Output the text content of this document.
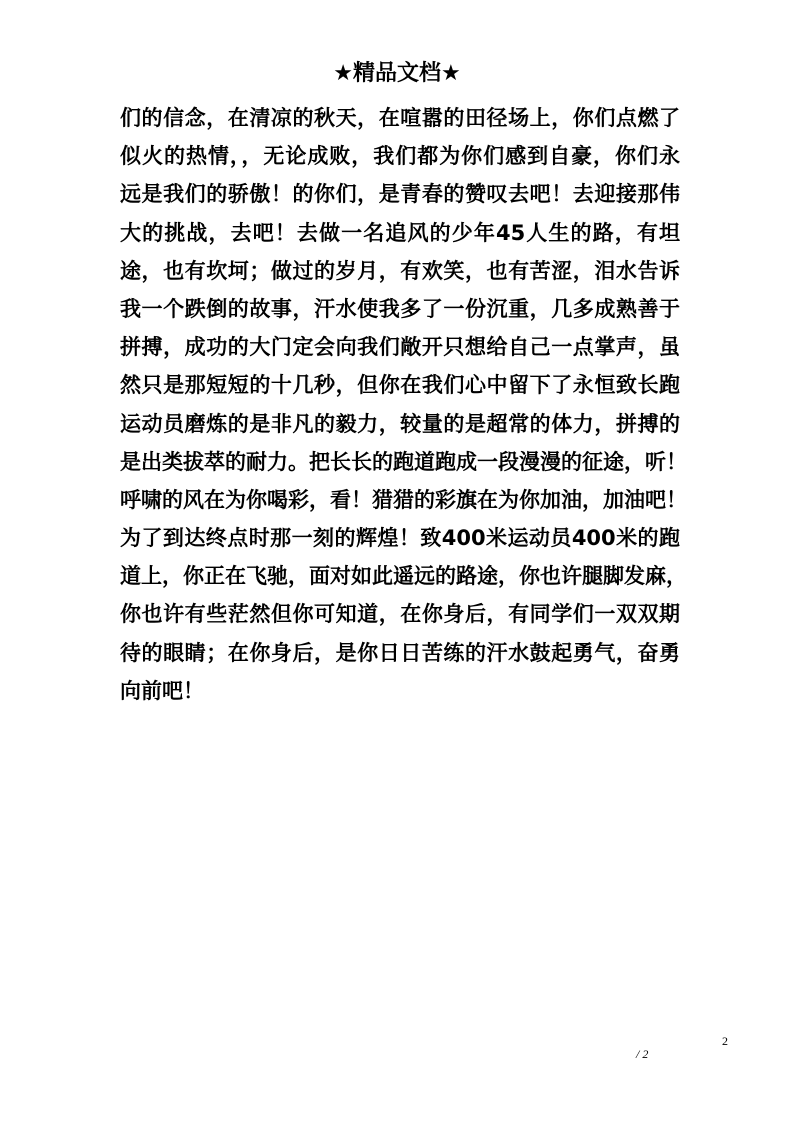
★精品文档★
们的信念，在清凉的秋天，在喧嚣的田径场上，你们点燃了
似火的热情，，无论成败，我们都为你们感到自豪，你们永
远是我们的骄傲！的你们，是青春的赞叹去吧！去迎接那伟
大的挑战，去吧！去做一名追风的少年45人生的路，有坦
途，也有坎坷；做过的岁月，有欢笑，也有苦涩，泪水告诉
我一个跌倒的故事，汗水使我多了一份沉重，几多成熟善于
拼搏，成功的大门定会向我们敞开只想给自己一点掌声，虽
然只是那短短的十几秒，但你在我们心中留下了永恒致长跑
运动员磨炼的是非凡的毅力，较量的是超常的体力，拼搏的
是出类拔萃的耐力。把长长的跑道跑成一段漫漫的征途，听！
呼啸的风在为你喝彩，看！猎猎的彩旗在为你加油，加油吧！
为了到达终点时那一刻的辉煌！致400米运动员400米的跑
道上，你正在飞驰，面对如此遥远的路途，你也许腿脚发麻，
你也许有些茫然但你可知道，在你身后，有同学们一双双期
待的眼睛；在你身后，是你日日苦练的汗水鼓起勇气，奋勇
向前吧！
2
/ 2
